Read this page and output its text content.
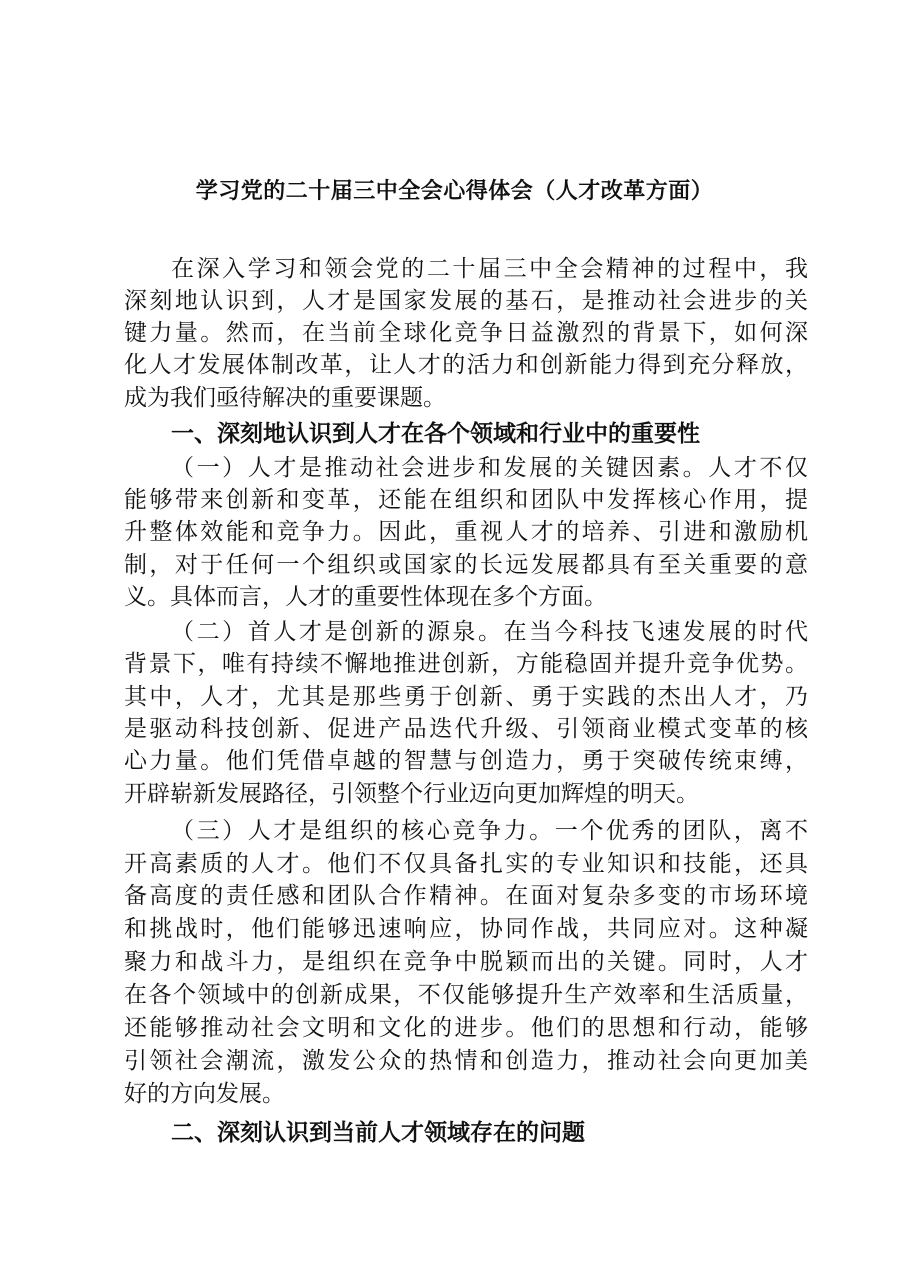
学习党的二十届三中全会心得体会（人才改革方面）
在深入学习和领会党的二十届三中全会精神的过程中，我
深刻地认识到，人才是国家发展的基石，是推动社会进步的关
键力量。然而，在当前全球化竞争日益激烈的背景下，如何深
化人才发展体制改革，让人才的活力和创新能力得到充分释放，
成为我们亟待解决的重要课题。
一、深刻地认识到人才在各个领域和行业中的重要性
（一）人才是推动社会进步和发展的关键因素。人才不仅
能够带来创新和变革，还能在组织和团队中发挥核心作用，提
升整体效能和竞争力。因此，重视人才的培养、引进和激励机
制，对于任何一个组织或国家的长远发展都具有至关重要的意
义。具体而言，人才的重要性体现在多个方面。
（二）首人才是创新的源泉。在当今科技飞速发展的时代
背景下，唯有持续不懈地推进创新，方能稳固并提升竞争优势。
其中，人才，尤其是那些勇于创新、勇于实践的杰出人才，乃
是驱动科技创新、促进产品迭代升级、引领商业模式变革的核
心力量。他们凭借卓越的智慧与创造力，勇于突破传统束缚，
开辟崭新发展路径，引领整个行业迈向更加辉煌的明天。
（三）人才是组织的核心竞争力。一个优秀的团队，离不
开高素质的人才。他们不仅具备扎实的专业知识和技能，还具
备高度的责任感和团队合作精神。在面对复杂多变的市场环境
和挑战时，他们能够迅速响应，协同作战，共同应对。这种凝
聚力和战斗力，是组织在竞争中脱颖而出的关键。同时，人才
在各个领域中的创新成果，不仅能够提升生产效率和生活质量，
还能够推动社会文明和文化的进步。他们的思想和行动，能够
引领社会潮流，激发公众的热情和创造力，推动社会向更加美
好的方向发展。
二、深刻认识到当前人才领域存在的问题
